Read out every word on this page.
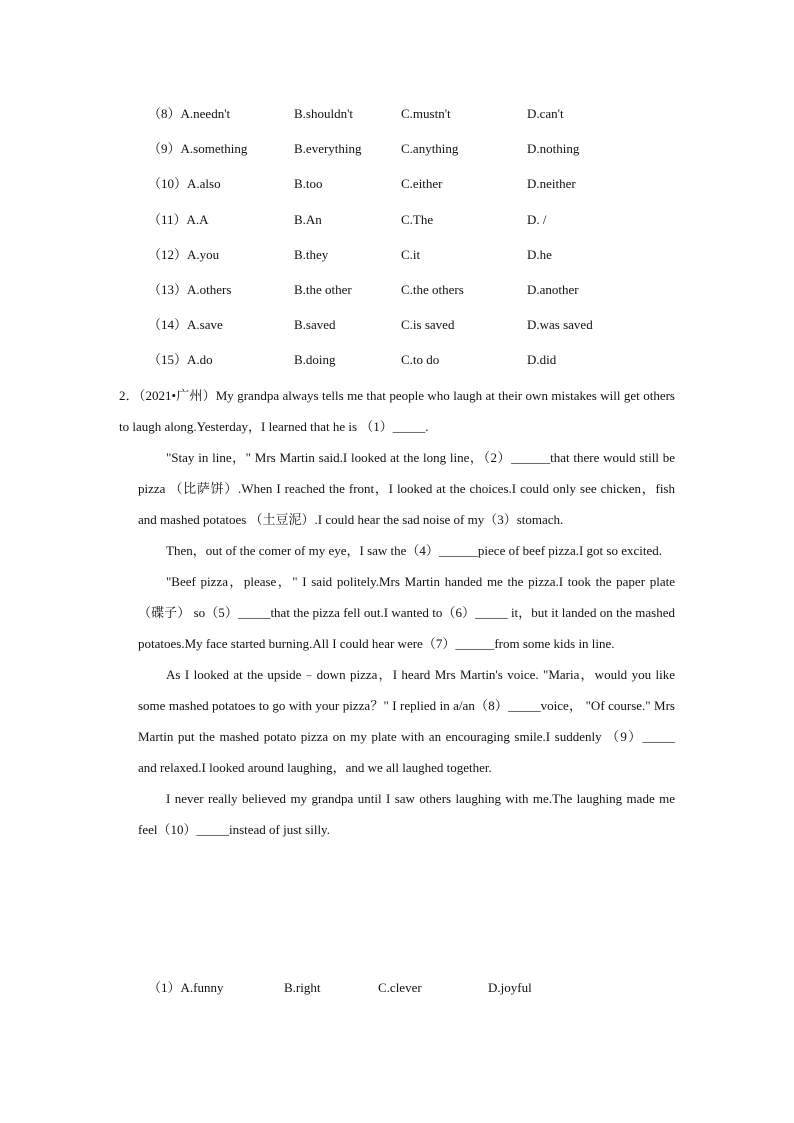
（8）A.needn't	B.shouldn't	C.mustn't	D.can't
（9）A.something	B.everything	C.anything	D.nothing
（10）A.also	B.too	C.either	D.neither
（11）A.A	B.An	C.The	D. /
（12）A.you	B.they	C.it	D.he
（13）A.others	B.the other	C.the others	D.another
（14）A.save	B.saved	C.is saved	D.was saved
（15）A.do	B.doing	C.to do	D.did

2．（2021•广州）My grandpa always tells me that people who laugh at their own mistakes will get others to laugh along.Yesterday，I learned that he is （1）_____.

"Stay in line，" Mrs Martin said.I looked at the long line，（2）______that there would still be pizza （比萨饼）.When I reached the front，I looked at the choices.I could only see chicken，fish and mashed potatoes （土豆泥）.I could hear the sad noise of my（3）stomach.

Then，out of the comer of my eye，I saw the（4）______piece of beef pizza.I got so excited.

"Beef pizza，please，" I said politely.Mrs Martin handed me the pizza.I took the paper plate （碟子） so（5）_____that the pizza fell out.I wanted to（6）_____ it，but it landed on the mashed potatoes.My face started burning.All I could hear were（7）______from some kids in line.

As I looked at the upside﹣down pizza，I heard Mrs Martin's voice. "Maria，would you like some mashed potatoes to go with your pizza？" I replied in a/an（8）_____voice， "Of course." Mrs Martin put the mashed potato pizza on my plate with an encouraging smile.I suddenly （9）_____ and relaxed.I looked around laughing，and we all laughed together.

I never really believed my grandpa until I saw others laughing with me.The laughing made me feel（10）_____instead of just silly.

（1）A.funny	B.right	C.clever	D.joyful
